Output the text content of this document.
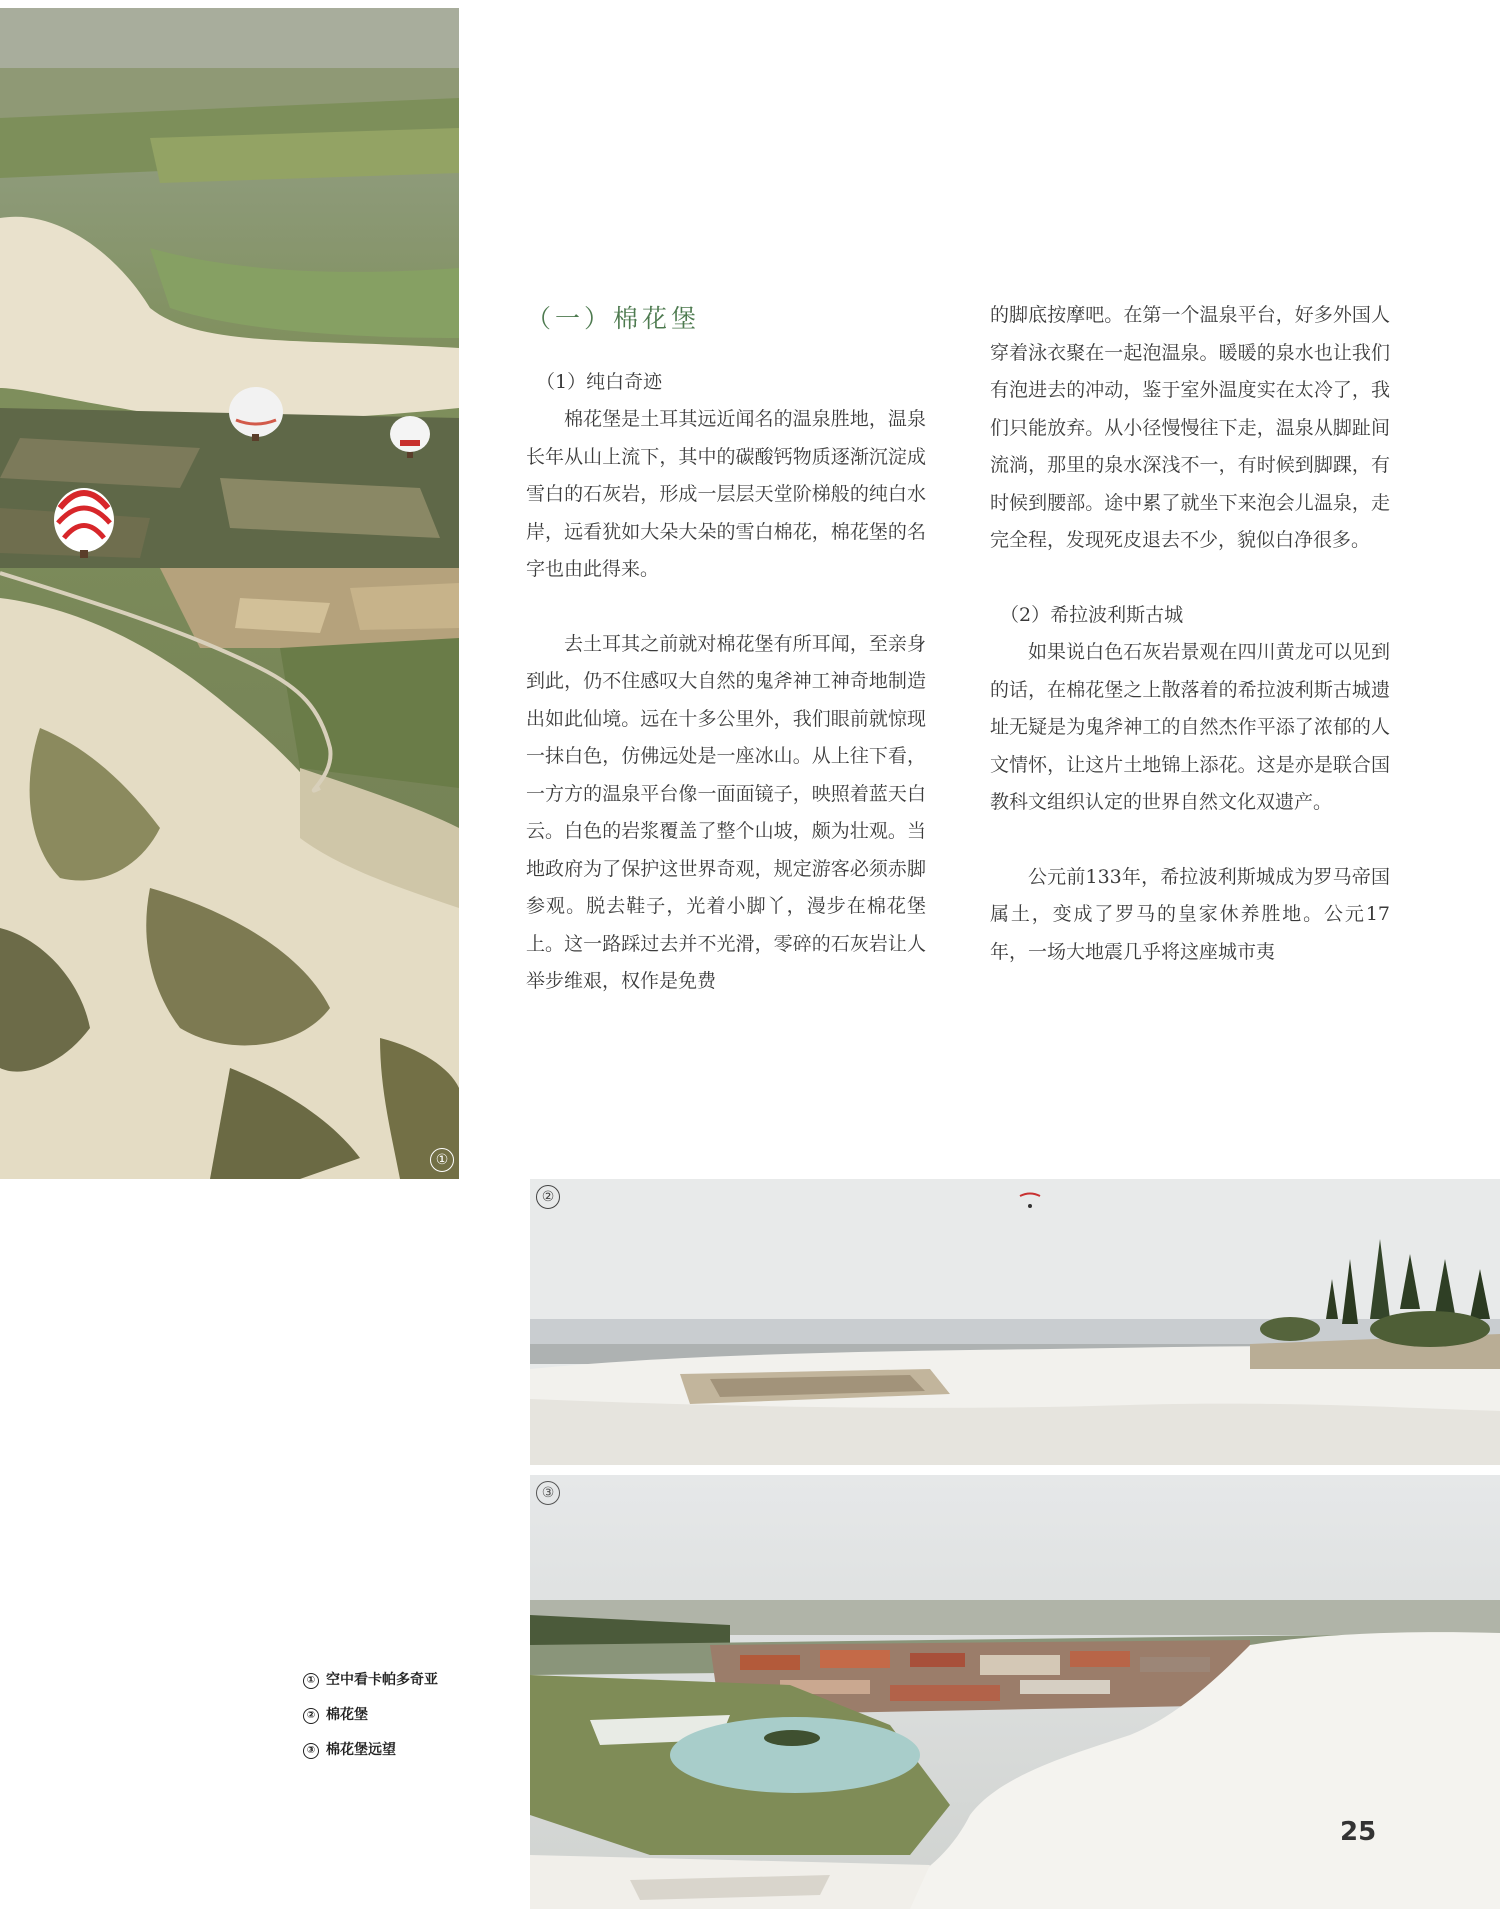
①
②
③

（一）棉花堡

（1）纯白奇迹

棉花堡是土耳其远近闻名的温泉胜地，温泉长年从山上流下，其中的碳酸钙物质逐渐沉淀成雪白的石灰岩，形成一层层天堂阶梯般的纯白水岸，远看犹如大朵大朵的雪白棉花，棉花堡的名字也由此得来。

去土耳其之前就对棉花堡有所耳闻，至亲身到此，仍不住感叹大自然的鬼斧神工神奇地制造出如此仙境。远在十多公里外，我们眼前就惊现一抹白色，仿佛远处是一座冰山。从上往下看，一方方的温泉平台像一面面镜子，映照着蓝天白云。白色的岩浆覆盖了整个山坡，颇为壮观。当地政府为了保护这世界奇观，规定游客必须赤脚参观。脱去鞋子，光着小脚丫，漫步在棉花堡上。这一路踩过去并不光滑，零碎的石灰岩让人举步维艰，权作是免费

的脚底按摩吧。在第一个温泉平台，好多外国人穿着泳衣聚在一起泡温泉。暖暖的泉水也让我们有泡进去的冲动，鉴于室外温度实在太冷了，我们只能放弃。从小径慢慢往下走，温泉从脚趾间流淌，那里的泉水深浅不一，有时候到脚踝，有时候到腰部。途中累了就坐下来泡会儿温泉，走完全程，发现死皮退去不少，貌似白净很多。

（2）希拉波利斯古城

如果说白色石灰岩景观在四川黄龙可以见到的话，在棉花堡之上散落着的希拉波利斯古城遗址无疑是为鬼斧神工的自然杰作平添了浓郁的人文情怀，让这片土地锦上添花。这是亦是联合国教科文组织认定的世界自然文化双遗产。

公元前133年，希拉波利斯城成为罗马帝国属土，变成了罗马的皇家休养胜地。公元17年，一场大地震几乎将这座城市夷

① 空中看卡帕多奇亚
② 棉花堡
③ 棉花堡远望
25
